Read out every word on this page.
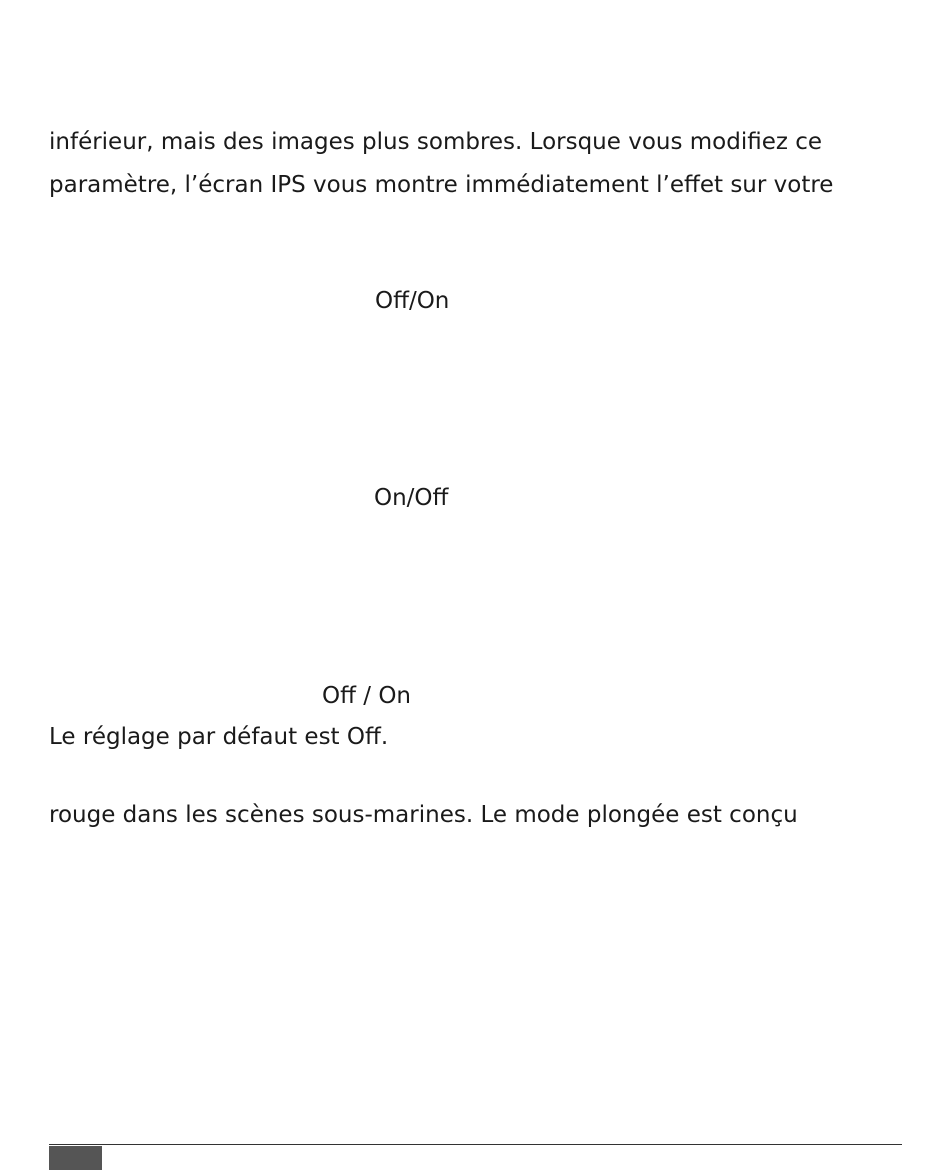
inférieur, mais des images plus sombres. Lorsque vous modifiez ce
paramètre, l’écran IPS vous montre immédiatement l’effet sur votre
Off/On
On/Off
Off / On
Le réglage par défaut est Off.
rouge dans les scènes sous-marines. Le mode plongée est conçu
